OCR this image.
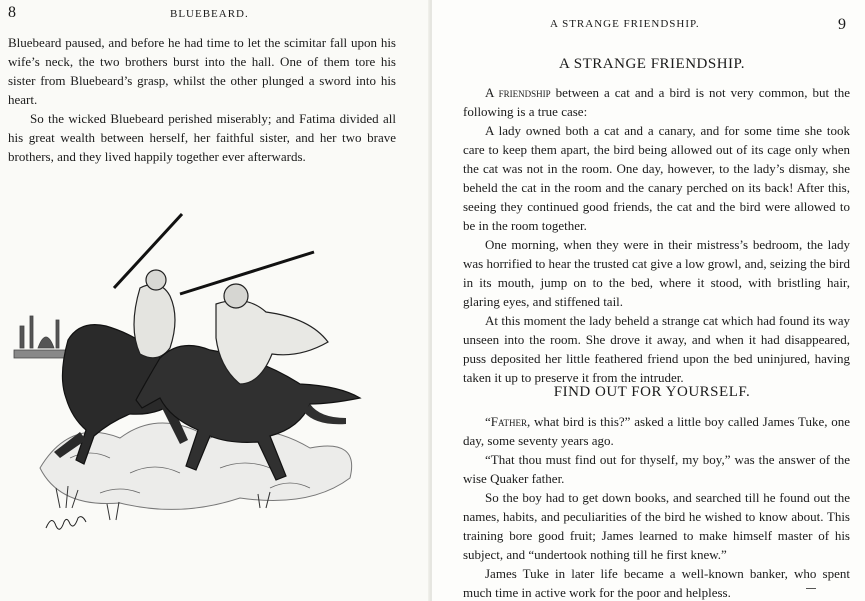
8	BLUEBEARD.

Bluebeard paused, and before he had time to let the scimitar fall upon his wife’s neck, the two brothers burst into the hall. One of them tore his sister from Bluebeard’s grasp, whilst the other plunged a sword into his heart.

So the wicked Bluebeard perished miserably; and Fatima divided all his great wealth between herself, her faithful sister, and her two brave brothers, and they lived happily together ever afterwards.

A STRANGE FRIENDSHIP.	9
A STRANGE FRIENDSHIP.

A friendship between a cat and a bird is not very common, but the following is a true case:

A lady owned both a cat and a canary, and for some time she took care to keep them apart, the bird being allowed out of its cage only when the cat was not in the room. One day, however, to the lady’s dismay, she beheld the cat in the room and the canary perched on its back! After this, seeing they continued good friends, the cat and the bird were allowed to be in the room together.

One morning, when they were in their mistress’s bedroom, the lady was horrified to hear the trusted cat give a low growl, and, seizing the bird in its mouth, jump on to the bed, where it stood, with bristling hair, glaring eyes, and stiffened tail.

At this moment the lady beheld a strange cat which had found its way unseen into the room. She drove it away, and when it had disappeared, puss deposited her little feathered friend upon the bed uninjured, having taken it up to preserve it from the intruder.

FIND OUT FOR YOURSELF.

“Father, what bird is this?” asked a little boy called James Tuke, one day, some seventy years ago.

“That thou must find out for thyself, my boy,” was the answer of the wise Quaker father.

So the boy had to get down books, and searched till he found out the names, habits, and peculiarities of the bird he wished to know about. This training bore good fruit; James learned to make himself master of his subject, and “undertook nothing till he first knew.”

James Tuke in later life became a well-known banker, who spent much time in active work for the poor and helpless.
